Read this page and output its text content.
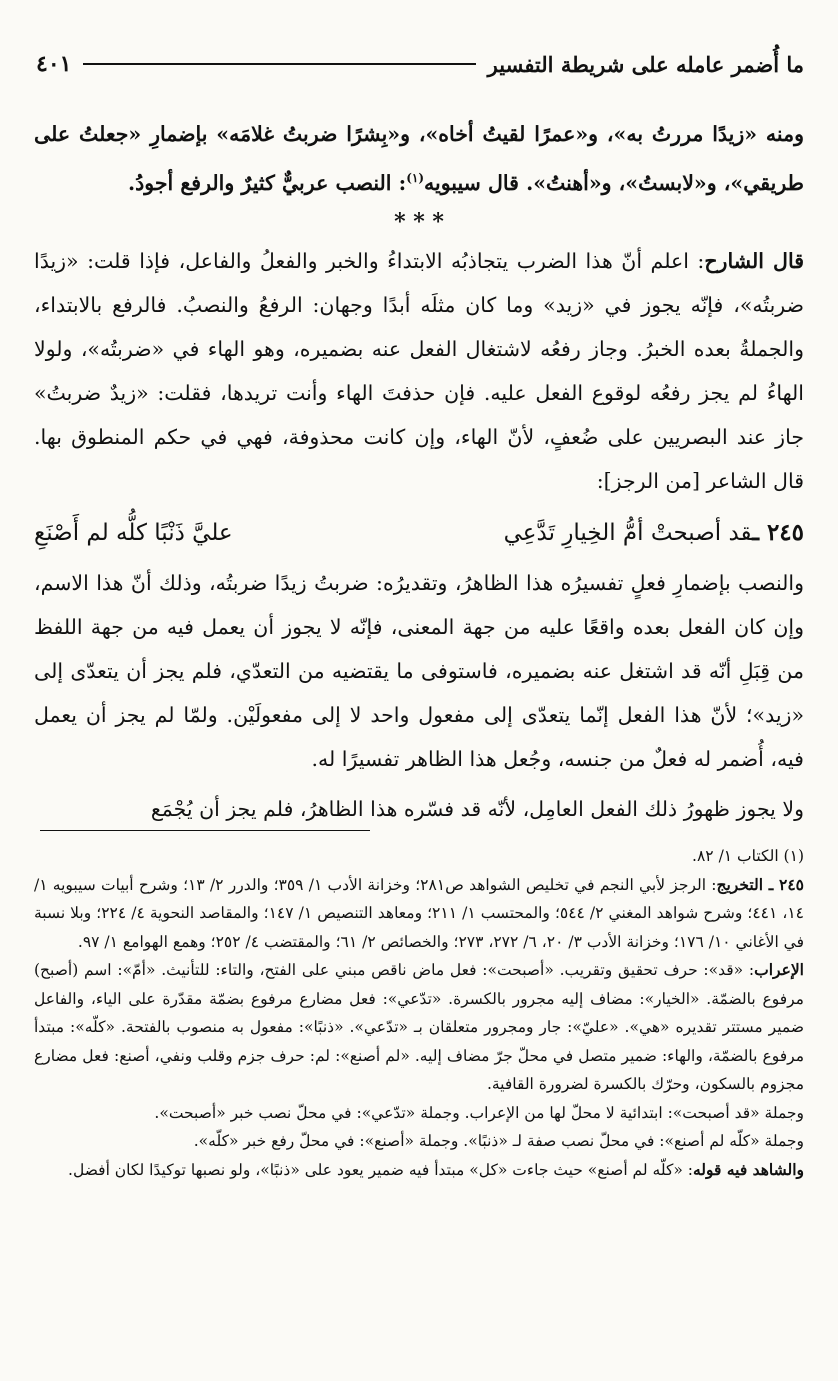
ما أُضمر عامله على شريطة التفسير
٤٠١

ومنه «زيدًا مررتُ به»، و«عمرًا لقيتُ أخاه»، و«بِشرًا ضربتُ غلامَه» بإضمارِ «جعلتُ على طريقي»، و«لابستُ»، و«أهنتُ». قال سيبويه$^{(١)}$: النصب عربيٌّ كثيرٌ والرفع أجودُ.

* * *

قال الشارح: اعلم أنّ هذا الضرب يتجاذبُه الابتداءُ والخبر والفعلُ والفاعل، فإذا قلت: «زيدًا ضربتُه»، فإنّه يجوز في «زيد» وما كان مثلَه أبدًا وجهان: الرفعُ والنصبُ. فالرفع بالابتداء، والجملةُ بعده الخبرُ. وجاز رفعُه لاشتغال الفعل عنه بضميره، وهو الهاء في «ضربتُه»، ولولا الهاءُ لم يجز رفعُه لوقوع الفعل عليه. فإن حذفتَ الهاء وأنت تريدها، فقلت: «زيدٌ ضربتُ» جاز عند البصريين على ضُعفٍ، لأنّ الهاء، وإن كانت محذوفة، فهي في حكم المنطوق بها. قال الشاعر [من الرجز]:

٢٤٥ ـقد أصبحتْ أمُّ الخِيارِ تَدَّعِي
عليَّ ذَنْبًا كلُّه لم أَصْنَعِ

والنصب بإضمارِ فعلٍ تفسيرُه هذا الظاهرُ، وتقديرُه: ضربتُ زيدًا ضربتُه، وذلك أنّ هذا الاسم، وإن كان الفعل بعده واقعًا عليه من جهة المعنى، فإنّه لا يجوز أن يعمل فيه من جهة اللفظ من قِبَلِ أنّه قد اشتغل عنه بضميره، فاستوفى ما يقتضيه من التعدّي، فلم يجز أن يتعدّى إلى «زيد»؛ لأنّ هذا الفعل إنّما يتعدّى إلى مفعول واحد لا إلى مفعولَيْن. ولمّا لم يجز أن يعمل فيه، أُضمر له فعلٌ من جنسه، وجُعل هذا الظاهر تفسيرًا له.

ولا يجوز ظهورُ ذلك الفعل العامِل، لأنّه قد فسّره هذا الظاهرُ، فلم يجز أن يُجْمَع

(١) الكتاب ١/ ٨٢.

٢٤٥ ـ التخريج: الرجز لأبي النجم في تخليص الشواهد ص٢٨١؛ وخزانة الأدب ١/ ٣٥٩؛ والدرر ٢/ ١٣؛ وشرح أبيات سيبويه ١/ ١٤، ٤٤١؛ وشرح شواهد المغني ٢/ ٥٤٤؛ والمحتسب ١/ ٢١١؛ ومعاهد التنصيص ١/ ١٤٧؛ والمقاصد النحوية ٤/ ٢٢٤؛ وبلا نسبة في الأغاني ١٠/ ١٧٦؛ وخزانة الأدب ٣/ ٢٠، ٦/ ٢٧٢، ٢٧٣؛ والخصائص ٢/ ٦١؛ والمقتضب ٤/ ٢٥٢؛ وهمع الهوامع ١/ ٩٧.

الإعراب: «قد»: حرف تحقيق وتقريب. «أصبحت»: فعل ماض ناقص مبني على الفتح، والتاء: للتأنيث. «أمّ»: اسم (أصبح) مرفوع بالضمّة. «الخيار»: مضاف إليه مجرور بالكسرة. «تدّعي»: فعل مضارع مرفوع بضمّة مقدّرة على الياء، والفاعل ضمير مستتر تقديره «هي». «عليّ»: جار ومجرور متعلقان بـ «تدّعي». «ذنبًا»: مفعول به منصوب بالفتحة. «كلّه»: مبتدأ مرفوع بالضمّة، والهاء: ضمير متصل في محلّ جرّ مضاف إليه. «لم أصنع»: لم: حرف جزم وقلب ونفي، أصنع: فعل مضارع مجزوم بالسكون، وحرّك بالكسرة لضرورة القافية.

وجملة «قد أصبحت»: ابتدائية لا محلّ لها من الإعراب. وجملة «تدّعي»: في محلّ نصب خبر «أصبحت».

وجملة «كلّه لم أصنع»: في محلّ نصب صفة لـ «ذنبًا». وجملة «أصنع»: في محلّ رفع خبر «كلّه».

والشاهد فيه قوله: «كلّه لم أصنع» حيث جاءت «كل» مبتدأ فيه ضمير يعود على «ذنبًا»، ولو نصبها توكيدًا لكان أفضل.
